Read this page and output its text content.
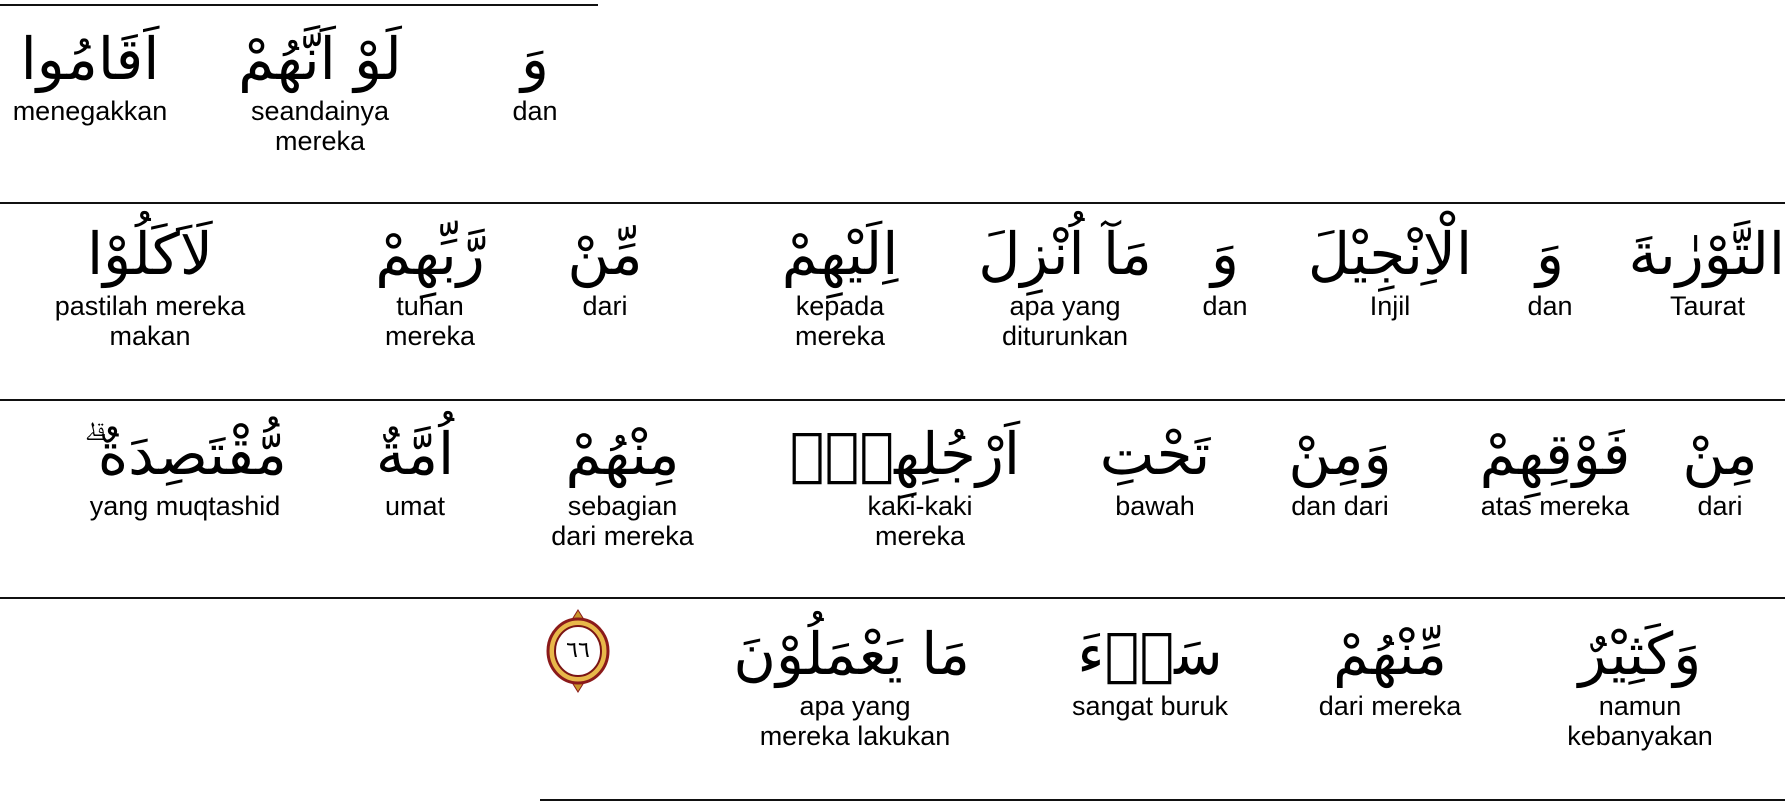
وَ
dan
لَوْ اَنَّهُمْ
seandainya
mereka
اَقَامُوا
menegakkan
التَّوْرٰىةَ
Taurat
وَ
dan
الْاِنْجِيْلَ
Injil
وَ
dan
مَآ اُنْزِلَ
apa yang
diturunkan
اِلَيْهِمْ
kepada
mereka
مِّنْ
dari
رَّبِّهِمْ
tuhan
mereka
لَاَكَلُوْا
pastilah mereka
makan
مِنْ
dari
فَوْقِهِمْ
atas mereka
وَمِنْ
dan dari
تَحْتِ
bawah
اَرْجُلِهِمْۗ
kaki-kaki
mereka
مِنْهُمْ
sebagian
dari mereka
اُمَّةٌ
umat
مُّقْتَصِدَةٌ ۗ
yang muqtashid
وَكَثِيْرٌ
namun
kebanyakan
مِّنْهُمْ
dari mereka
سَاۤءَ
sangat buruk
مَا يَعْمَلُوْنَ
apa yang
mereka lakukan
٦٦
